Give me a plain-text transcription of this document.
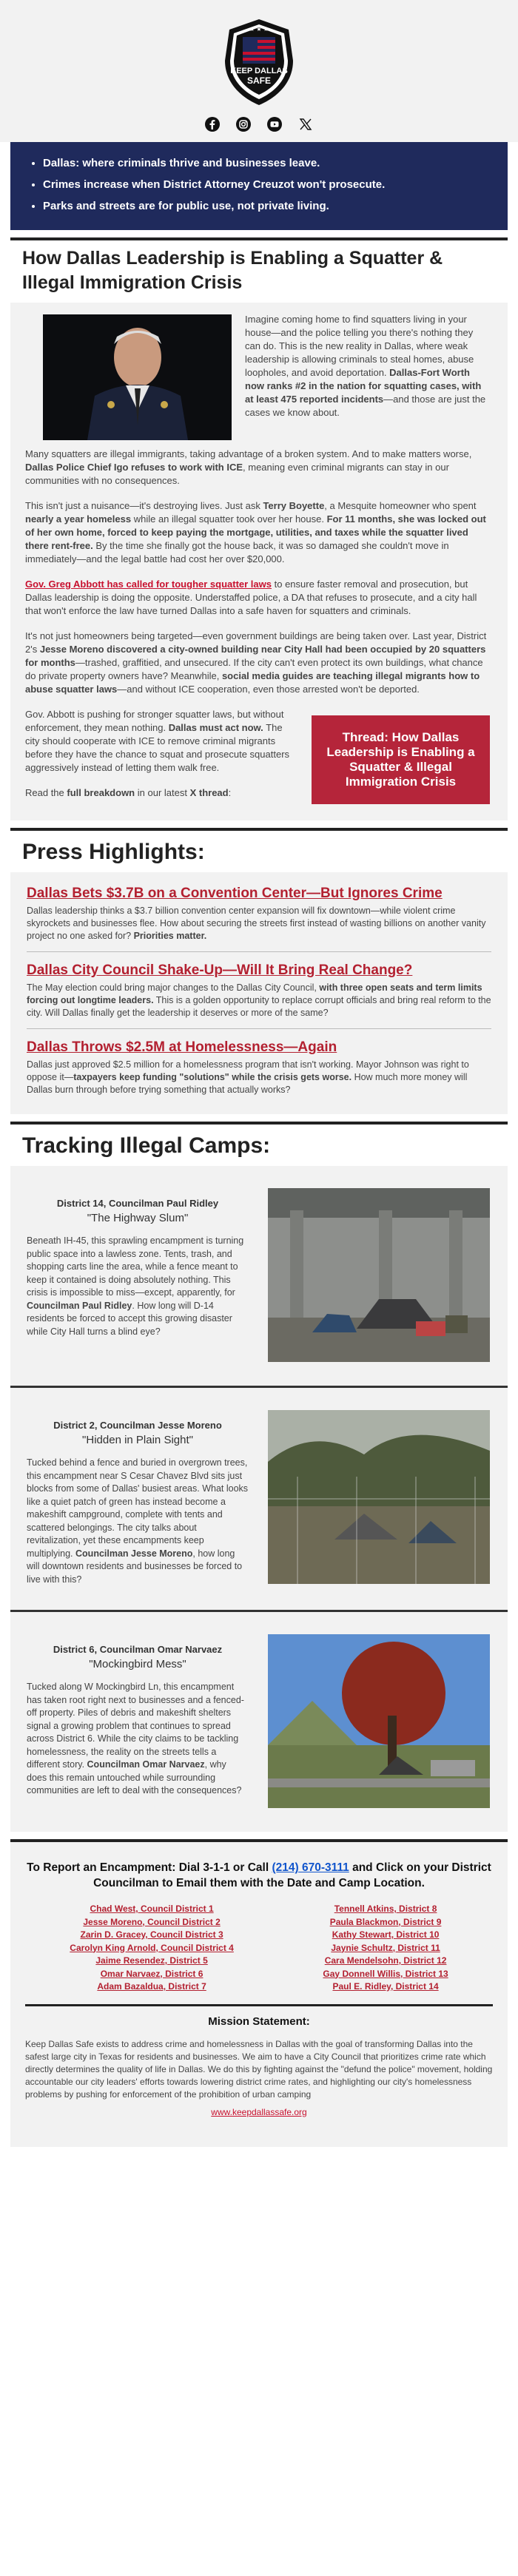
★ ★ ★
KEEP DALLAS
SAFE
• Dallas: where criminals thrive and businesses leave.
• Crimes increase when District Attorney Creuzot won't prosecute.
• Parks and streets are for public use, not private living.
How Dallas Leadership is Enabling a Squatter & Illegal Immigration Crisis

Imagine coming home to find squatters living in your house—and the police telling you there's nothing they can do. This is the new reality in Dallas, where weak leadership is allowing criminals to steal homes, abuse loopholes, and avoid deportation. Dallas-Fort Worth now ranks #2 in the nation for squatting cases, with at least 475 reported incidents—and those are just the cases we know about.

Many squatters are illegal immigrants, taking advantage of a broken system. And to make matters worse, Dallas Police Chief Igo refuses to work with ICE, meaning even criminal migrants can stay in our communities with no consequences.

This isn't just a nuisance—it's destroying lives. Just ask Terry Boyette, a Mesquite homeowner who spent nearly a year homeless while an illegal squatter took over her house. For 11 months, she was locked out of her own home, forced to keep paying the mortgage, utilities, and taxes while the squatter lived there rent-free. By the time she finally got the house back, it was so damaged she couldn't move in immediately—and the legal battle had cost her over $20,000.

Gov. Greg Abbott has called for tougher squatter laws to ensure faster removal and prosecution, but Dallas leadership is doing the opposite. Understaffed police, a DA that refuses to prosecute, and a city hall that won't enforce the law have turned Dallas into a safe haven for squatters and criminals.

It's not just homeowners being targeted—even government buildings are being taken over. Last year, District 2's Jesse Moreno discovered a city-owned building near City Hall had been occupied by 20 squatters for months—trashed, graffitied, and unsecured. If the city can't even protect its own buildings, what chance do private property owners have? Meanwhile, social media guides are teaching illegal migrants how to abuse squatter laws—and without ICE cooperation, even those arrested won't be deported.

Thread: How Dallas Leadership is Enabling a Squatter & Illegal Immigration Crisis

Gov. Abbott is pushing for stronger squatter laws, but without enforcement, they mean nothing. Dallas must act now. The city should cooperate with ICE to remove criminal migrants before they have the chance to squat and prosecute squatters aggressively instead of letting them walk free.

Read the full breakdown in our latest X thread:

Press Highlights:
Dallas Bets $3.7B on a Convention Center—But Ignores Crime

Dallas leadership thinks a $3.7 billion convention center expansion will fix downtown—while violent crime skyrockets and businesses flee. How about securing the streets first instead of wasting billions on another vanity project no one asked for? Priorities matter.

Dallas City Council Shake-Up—Will It Bring Real Change?

The May election could bring major changes to the Dallas City Council, with three open seats and term limits forcing out longtime leaders. This is a golden opportunity to replace corrupt officials and bring real reform to the city. Will Dallas finally get the leadership it deserves or more of the same?

Dallas Throws $2.5M at Homelessness—Again

Dallas just approved $2.5 million for a homelessness program that isn't working. Mayor Johnson was right to oppose it—taxpayers keep funding "solutions" while the crisis gets worse. How much more money will Dallas burn through before trying something that actually works?

Tracking Illegal Camps:
District 14, Councilman Paul Ridley
"The Highway Slum"
Beneath IH-45, this sprawling encampment is turning public space into a lawless zone. Tents, trash, and shopping carts line the area, while a fence meant to keep it contained is doing absolutely nothing. This crisis is impossible to miss—except, apparently, for Councilman Paul Ridley. How long will D-14 residents be forced to accept this growing disaster while City Hall turns a blind eye?
District 2, Councilman Jesse Moreno
"Hidden in Plain Sight"
Tucked behind a fence and buried in overgrown trees, this encampment near S Cesar Chavez Blvd sits just blocks from some of Dallas' busiest areas. What looks like a quiet patch of green has instead become a makeshift campground, complete with tents and scattered belongings. The city talks about revitalization, yet these encampments keep multiplying. Councilman Jesse Moreno, how long will downtown residents and businesses be forced to live with this?
District 6, Councilman Omar Narvaez
"Mockingbird Mess"
Tucked along W Mockingbird Ln, this encampment has taken root right next to businesses and a fenced-off property. Piles of debris and makeshift shelters signal a growing problem that continues to spread across District 6. While the city claims to be tackling homelessness, the reality on the streets tells a different story. Councilman Omar Narvaez, why does this remain untouched while surrounding communities are left to deal with the consequences?
To Report an Encampment: Dial 3-1-1 or Call (214) 670-3111 and Click on your District Councilman to Email them with the Date and Camp Location.
Chad West, Council District 1
Jesse Moreno, Council District 2
Zarin D. Gracey, Council District 3
Carolyn King Arnold, Council District 4
Jaime Resendez, District 5
Omar Narvaez, District 6
Adam Bazaldua, District 7
Tennell Atkins, District 8
Paula Blackmon, District 9
Kathy Stewart, District 10
Jaynie Schultz, District 11
Cara Mendelsohn, District 12
Gay Donnell Willis, District 13
Paul E. Ridley, District 14
Mission Statement:

Keep Dallas Safe exists to address crime and homelessness in Dallas with the goal of transforming Dallas into the safest large city in Texas for residents and businesses. We aim to have a City Council that prioritizes crime rate which directly determines the quality of life in Dallas. We do this by fighting against the "defund the police" movement, holding accountable our city leaders' efforts towards lowering district crime rates, and highlighting our city's homelessness problems by pushing for enforcement of the prohibition of urban camping

www.keepdallassafe.org
